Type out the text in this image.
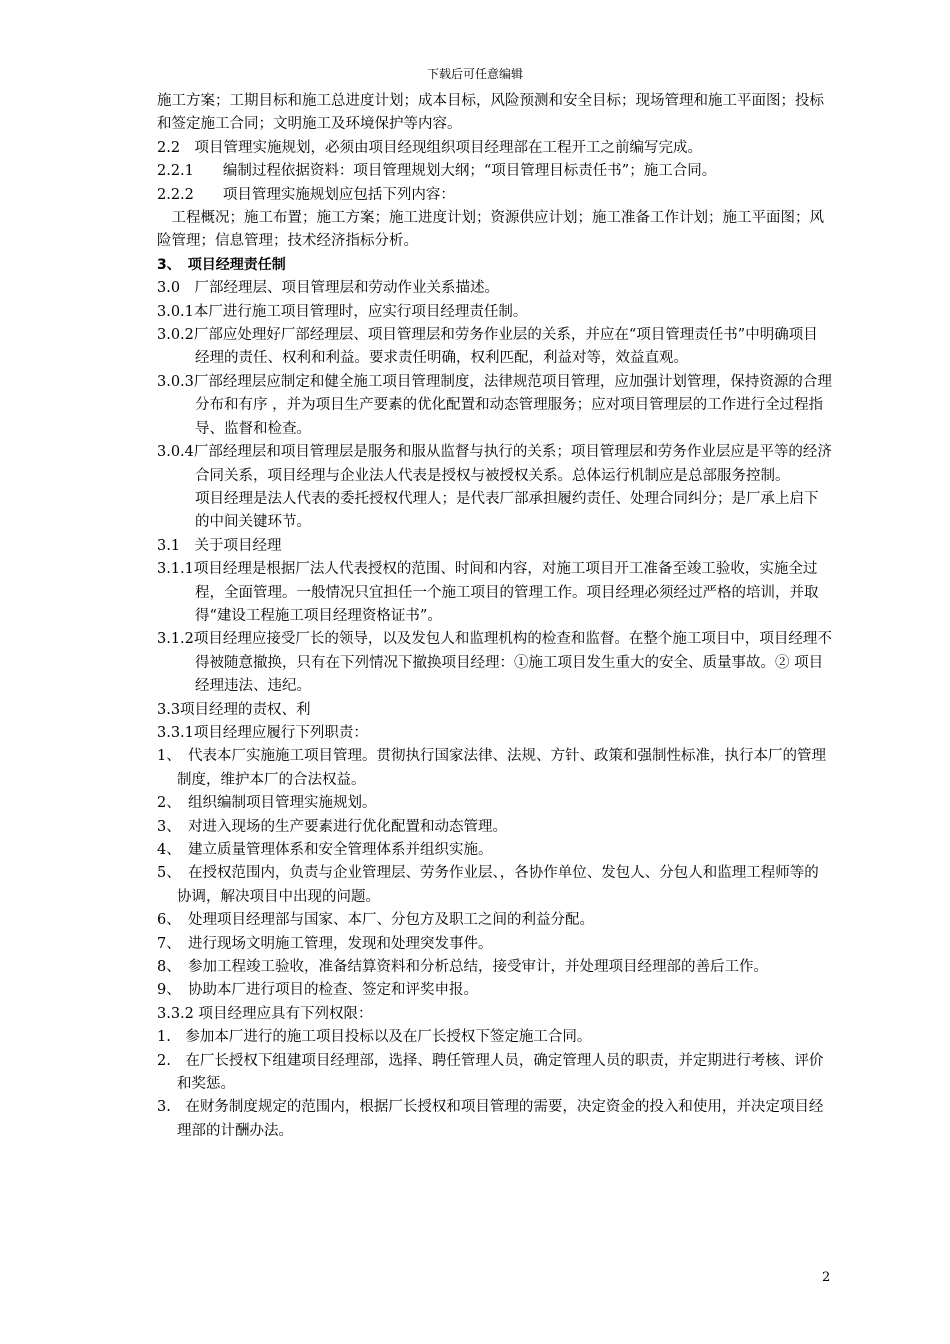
下载后可任意编辑

施工方案；工期目标和施工总进度计划；成本目标，风险预测和安全目标；现场管理和施工平面图；投标和签定施工合同；文明施工及环境保护等内容。

2.2　项目管理实施规划，必须由项目经现组织项目经理部在工程开工之前编写完成。

2.2.1　　编制过程依据资料：项目管理规划大纲；“项目管理目标责任书”；施工合同。

2.2.2　　项目管理实施规划应包括下列内容：

　工程概况；施工布置；施工方案；施工进度计划；资源供应计划；施工准备工作计划；施工平面图；风险管理；信息管理；技术经济指标分析。

3、　项目经理责任制

3.0　厂部经理层、项目管理层和劳动作业关系描述。

3.0.1本厂进行施工项目管理时，应实行项目经理责任制。

3.0.2厂部应处理好厂部经理层、项目管理层和劳务作业层的关系，并应在“项目管理责任书”中明确项目经理的责任、权利和利益。要求责任明确，权利匹配，利益对等，效益直观。

3.0.3厂部经理层应制定和健全施工项目管理制度，法律规范项目管理，应加强计划管理，保持资源的合理分布和有序 ，并为项目生产要素的优化配置和动态管理服务；应对项目管理层的工作进行全过程指导、监督和检查。

3.0.4厂部经理层和项目管理层是服务和服从监督与执行的关系；项目管理层和劳务作业层应是平等的经济合同关系，项目经理与企业法人代表是授权与被授权关系。总体运行机制应是总部服务控制。

项目经理是法人代表的委托授权代理人；是代表厂部承担履约责任、处理合同纠分；是厂承上启下的中间关键环节。

3.1　关于项目经理

3.1.1项目经理是根据厂法人代表授权的范围、时间和内容，对施工项目开工准备至竣工验收，实施全过程，全面管理。一般情况只宜担任一个施工项目的管理工作。项目经理必须经过严格的培训，并取得“建设工程施工项目经理资格证书”。

3.1.2项目经理应接受厂长的领导，以及发包人和监理机构的检查和监督。在整个施工项目中，项目经理不得被随意撤换，只有在下列情况下撤换项目经理：①施工项目发生重大的安全、质量事故。② 项目经理违法、违纪。

3.3项目经理的责权、利

3.3.1项目经理应履行下列职责：

1、　代表本厂实施施工项目管理。贯彻执行国家法律、法规、方针、政策和强制性标准，执行本厂的管理制度，维护本厂的合法权益。

2、　组织编制项目管理实施规划。

3、　对进入现场的生产要素进行优化配置和动态管理。

4、　建立质量管理体系和安全管理体系并组织实施。

5、　在授权范围内，负责与企业管理层、劳务作业层、，各协作单位、发包人、分包人和监理工程师等的协调，解决项目中出现的问题。

6、　处理项目经理部与国家、本厂、分包方及职工之间的利益分配。

7、　进行现场文明施工管理，发现和处理突发事件。

8、　参加工程竣工验收，准备结算资料和分析总结，接受审计，并处理项目经理部的善后工作。

9、　协助本厂进行项目的检查、签定和评奖申报。

3.3.2 项目经理应具有下列权限：

1.　参加本厂进行的施工项目投标以及在厂长授权下签定施工合同。

2.　在厂长授权下组建项目经理部，选择、聘任管理人员，确定管理人员的职责，并定期进行考核、评价和奖惩。

3.　在财务制度规定的范围内，根据厂长授权和项目管理的需要，决定资金的投入和使用，并决定项目经理部的计酬办法。

2
